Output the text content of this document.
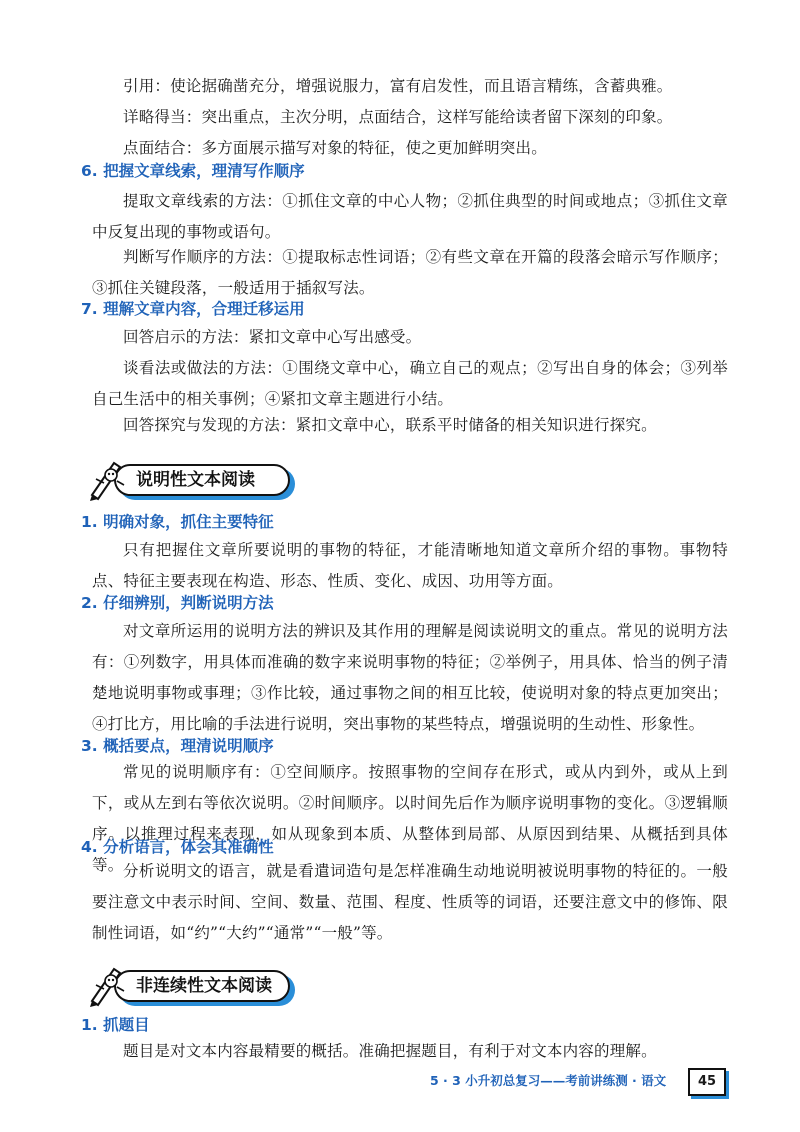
引用：使论据确凿充分，增强说服力，富有启发性，而且语言精练，含蓄典雅。

详略得当：突出重点，主次分明，点面结合，这样写能给读者留下深刻的印象。

点面结合：多方面展示描写对象的特征，使之更加鲜明突出。

6. 把握文章线索，理清写作顺序

提取文章线索的方法：①抓住文章的中心人物；②抓住典型的时间或地点；③抓住文章中反复出现的事物或语句。

判断写作顺序的方法：①提取标志性词语；②有些文章在开篇的段落会暗示写作顺序；③抓住关键段落，一般适用于插叙写法。

7. 理解文章内容，合理迁移运用

回答启示的方法：紧扣文章中心写出感受。

谈看法或做法的方法：①围绕文章中心，确立自己的观点；②写出自身的体会；③列举自己生活中的相关事例；④紧扣文章主题进行小结。

回答探究与发现的方法：紧扣文章中心，联系平时储备的相关知识进行探究。

说明性文本阅读
1. 明确对象，抓住主要特征

只有把握住文章所要说明的事物的特征，才能清晰地知道文章所介绍的事物。事物特点、特征主要表现在构造、形态、性质、变化、成因、功用等方面。

2. 仔细辨别，判断说明方法

对文章所运用的说明方法的辨识及其作用的理解是阅读说明文的重点。常见的说明方法有：①列数字，用具体而准确的数字来说明事物的特征；②举例子，用具体、恰当的例子清楚地说明事物或事理；③作比较，通过事物之间的相互比较，使说明对象的特点更加突出；④打比方，用比喻的手法进行说明，突出事物的某些特点，增强说明的生动性、形象性。

3. 概括要点，理清说明顺序

常见的说明顺序有：①空间顺序。按照事物的空间存在形式，或从内到外，或从上到下，或从左到右等依次说明。②时间顺序。以时间先后作为顺序说明事物的变化。③逻辑顺序。以推理过程来表现，如从现象到本质、从整体到局部、从原因到结果、从概括到具体等。

4. 分析语言，体会其准确性

分析说明文的语言，就是看遣词造句是怎样准确生动地说明被说明事物的特征的。一般要注意文中表示时间、空间、数量、范围、程度、性质等的词语，还要注意文中的修饰、限制性词语，如“约”“大约”“通常”“一般”等。

非连续性文本阅读
1. 抓题目

题目是对文本内容最精要的概括。准确把握题目，有利于对文本内容的理解。

5 · 3 小升初总复习——考前讲练测 · 语文	45
